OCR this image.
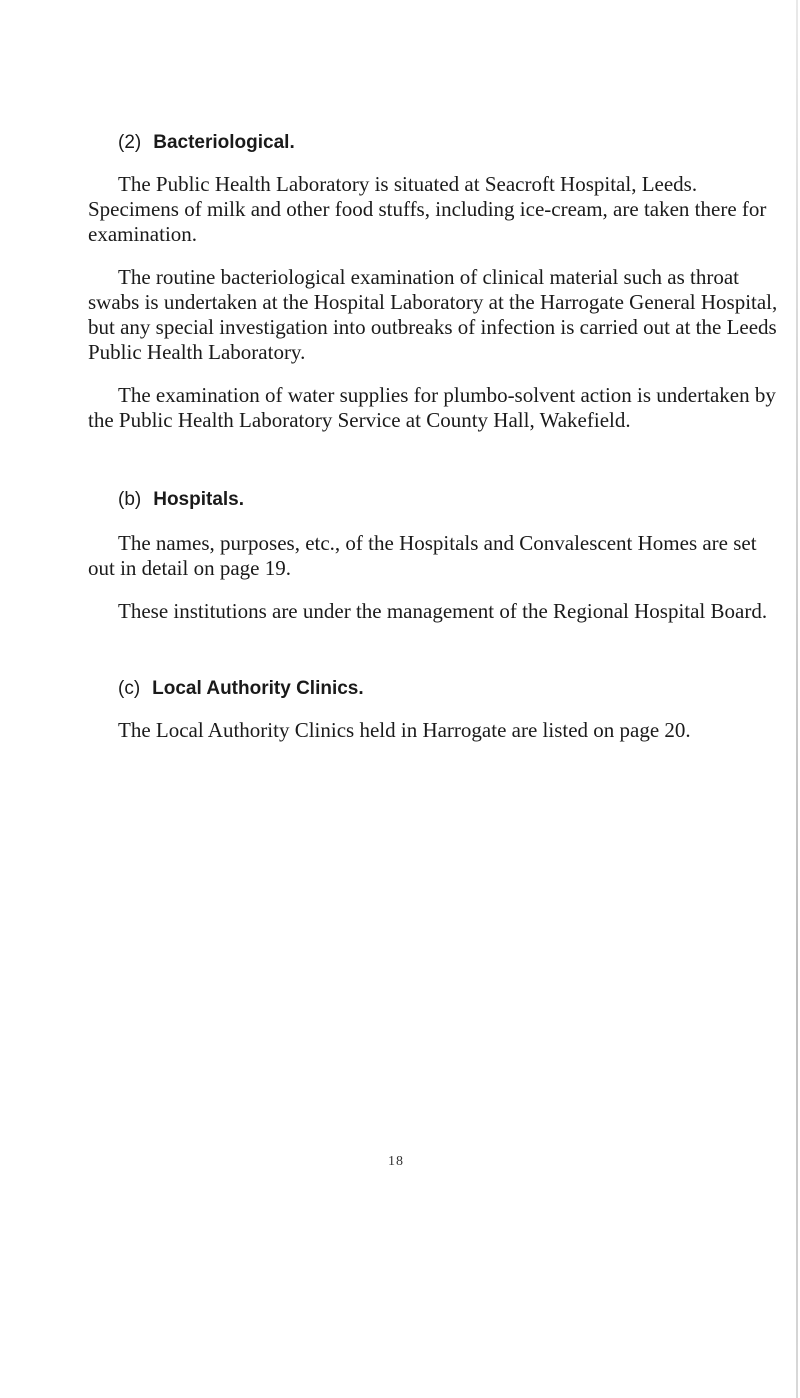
(2) Bacteriological.

The Public Health Laboratory is situated at Seacroft Hospital, Leeds. Specimens of milk and other food stuffs, including ice-cream, are taken there for examination.

The routine bacteriological examination of clinical material such as throat swabs is undertaken at the Hospital Laboratory at the Harrogate General Hospital, but any special investigation into outbreaks of infection is carried out at the Leeds Public Health Laboratory.

The examination of water supplies for plumbo-solvent action is undertaken by the Public Health Laboratory Service at County Hall, Wakefield.

(b) Hospitals.

The names, purposes, etc., of the Hospitals and Convalescent Homes are set out in detail on page 19.

These institutions are under the management of the Regional Hospital Board.

(c) Local Authority Clinics.

The Local Authority Clinics held in Harrogate are listed on page 20.

18
